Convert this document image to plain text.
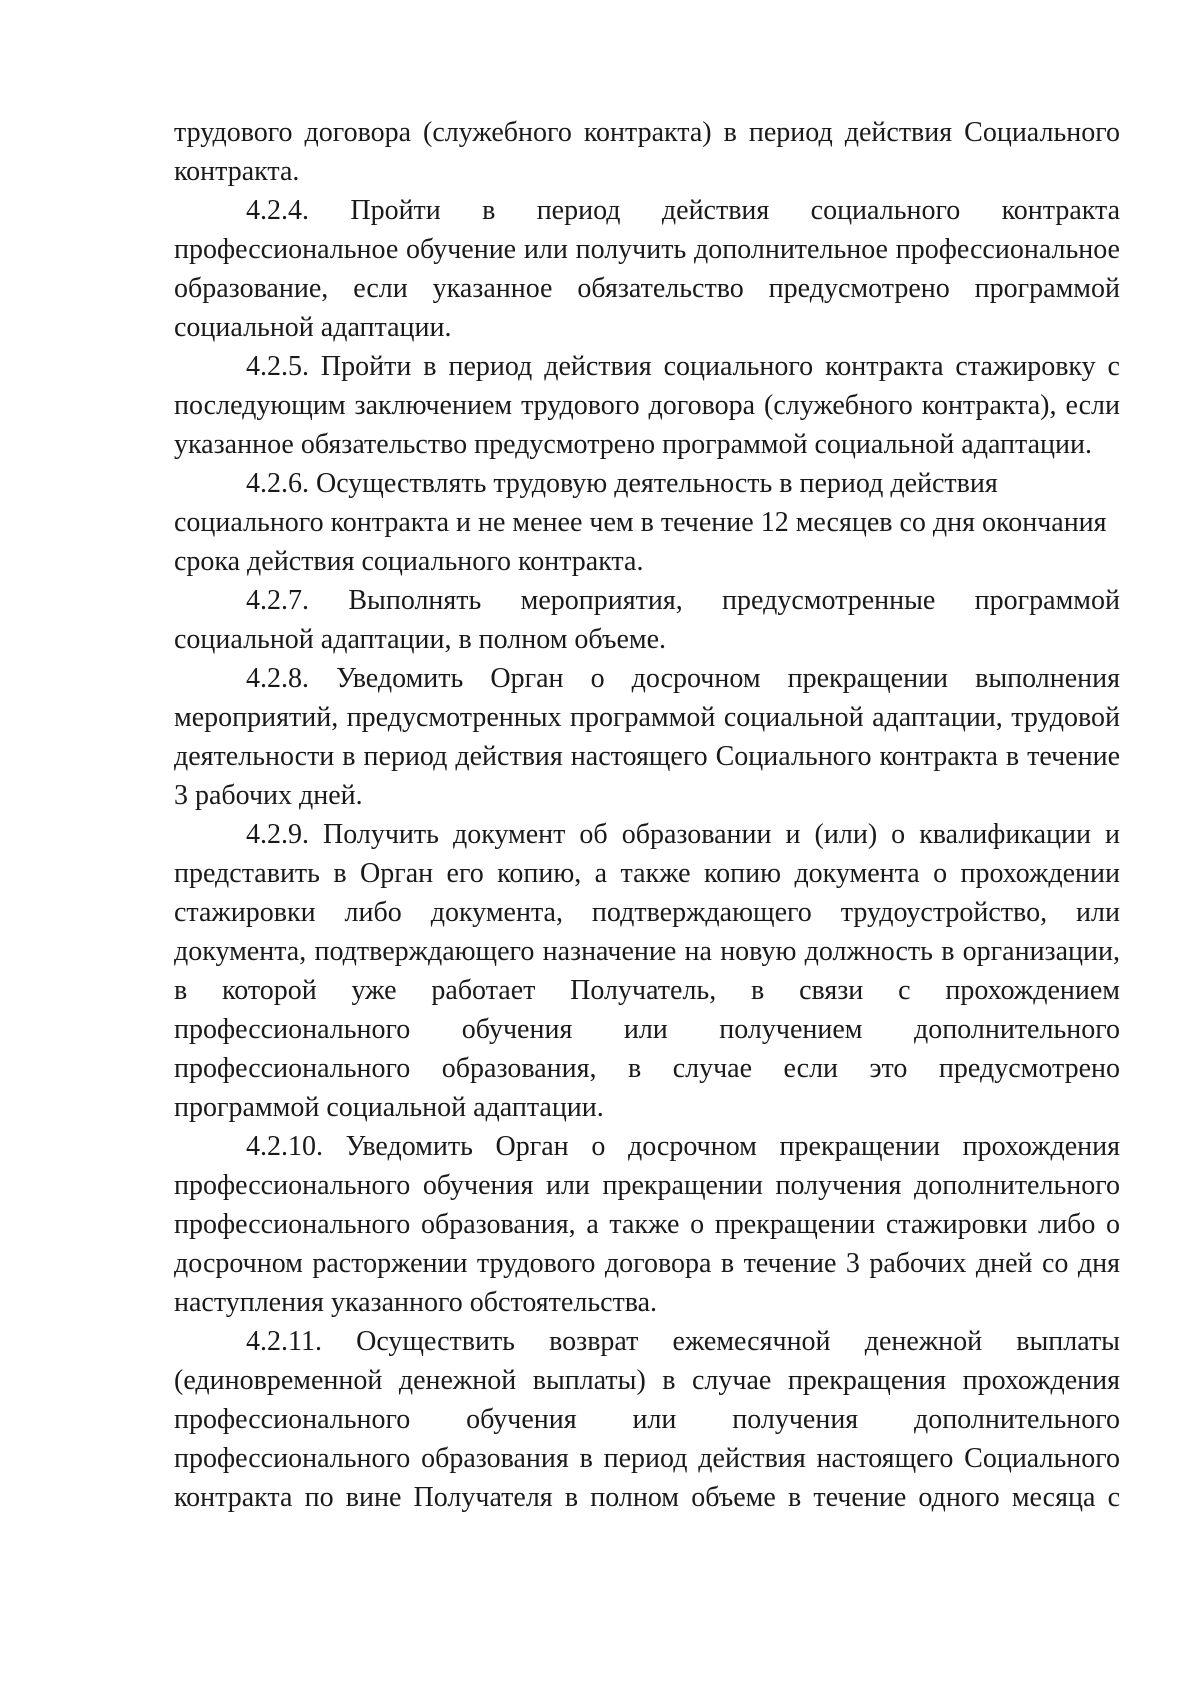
трудового договора (служебного контракта) в период действия Социального контракта.

4.2.4. Пройти в период действия социального контракта профессиональное обучение или получить дополнительное профессиональное образование, если указанное обязательство предусмотрено программой социальной адаптации.

4.2.5. Пройти в период действия социального контракта стажировку с последующим заключением трудового договора (служебного контракта), если указанное обязательство предусмотрено программой социальной адаптации.

4.2.6. Осуществлять трудовую деятельность в период действия социального контракта и не менее чем в течение 12 месяцев со дня окончания срока действия социального контракта.

4.2.7. Выполнять мероприятия, предусмотренные программой социальной адаптации, в полном объеме.

4.2.8. Уведомить Орган о досрочном прекращении выполнения мероприятий, предусмотренных программой социальной адаптации, трудовой деятельности в период действия настоящего Социального контракта в течение 3 рабочих дней.

4.2.9. Получить документ об образовании и (или) о квалификации и представить в Орган его копию, а также копию документа о прохождении стажировки либо документа, подтверждающего трудоустройство, или документа, подтверждающего назначение на новую должность в организации, в которой уже работает Получатель, в связи с прохождением профессионального обучения или получением дополнительного профессионального образования, в случае если это предусмотрено программой социальной адаптации.

4.2.10. Уведомить Орган о досрочном прекращении прохождения профессионального обучения или прекращении получения дополнительного профессионального образования, а также о прекращении стажировки либо о досрочном расторжении трудового договора в течение 3 рабочих дней со дня наступления указанного обстоятельства.

4.2.11. Осуществить возврат ежемесячной денежной выплаты (единовременной денежной выплаты) в случае прекращения прохождения профессионального обучения или получения дополнительного профессионального образования в период действия настоящего Социального контракта по вине Получателя в полном объеме в течение одного месяца с
